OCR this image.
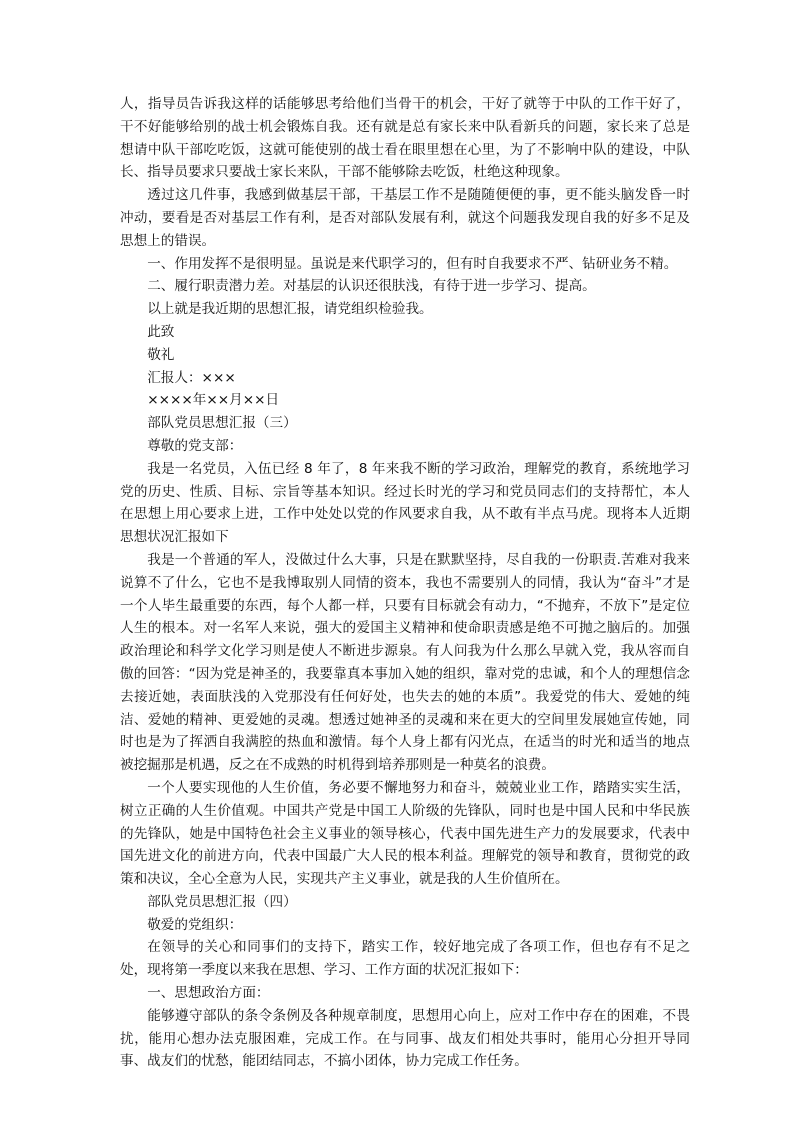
人，指导员告诉我这样的话能够思考给他们当骨干的机会，干好了就等于中队的工作干好了，干不好能够给别的战士机会锻炼自我。还有就是总有家长来中队看新兵的问题，家长来了总是想请中队干部吃吃饭，这就可能使别的战士看在眼里想在心里，为了不影响中队的建设，中队长、指导员要求只要战士家长来队，干部不能够除去吃饭，杜绝这种现象。

透过这几件事，我感到做基层干部，干基层工作不是随随便便的事，更不能头脑发昏一时冲动，要看是否对基层工作有利，是否对部队发展有利，就这个问题我发现自我的好多不足及思想上的错误。

一、作用发挥不是很明显。虽说是来代职学习的，但有时自我要求不严、钻研业务不精。

二、履行职责潜力差。对基层的认识还很肤浅，有待于进一步学习、提高。

以上就是我近期的思想汇报，请党组织检验我。

此致

敬礼

汇报人：×××

××××年××月××日

部队党员思想汇报（三）

尊敬的党支部：

我是一名党员，入伍已经 8 年了，8 年来我不断的学习政治，理解党的教育，系统地学习党的历史、性质、目标、宗旨等基本知识。经过长时光的学习和党员同志们的支持帮忙，本人在思想上用心要求上进，工作中处处以党的作风要求自我，从不敢有半点马虎。现将本人近期思想状况汇报如下

我是一个普通的军人，没做过什么大事，只是在默默坚持，尽自我的一份职责.苦难对我来说算不了什么，它也不是我博取别人同情的资本，我也不需要别人的同情，我认为“奋斗”才是一个人毕生最重要的东西，每个人都一样，只要有目标就会有动力，“不抛弃，不放下”是定位人生的根本。对一名军人来说，强大的爱国主义精神和使命职责感是绝不可抛之脑后的。加强政治理论和科学文化学习则是使人不断进步源泉。有人问我为什么那么早就入党，我从容而自傲的回答：“因为党是神圣的，我要靠真本事加入她的组织，靠对党的忠诚，和个人的理想信念去接近她，表面肤浅的入党那没有任何好处，也失去的她的本质”。我爱党的伟大、爱她的纯洁、爱她的精神、更爱她的灵魂。想透过她神圣的灵魂和来在更大的空间里发展她宣传她，同时也是为了挥洒自我满腔的热血和激情。每个人身上都有闪光点，在适当的时光和适当的地点被挖掘那是机遇，反之在不成熟的时机得到培养那则是一种莫名的浪费。

一个人要实现他的人生价值，务必要不懈地努力和奋斗，兢兢业业工作，踏踏实实生活，树立正确的人生价值观。中国共产党是中国工人阶级的先锋队，同时也是中国人民和中华民族的先锋队，她是中国特色社会主义事业的领导核心，代表中国先进生产力的发展要求，代表中国先进文化的前进方向，代表中国最广大人民的根本利益。理解党的领导和教育，贯彻党的政策和决议，全心全意为人民，实现共产主义事业，就是我的人生价值所在。

部队党员思想汇报（四）

敬爱的党组织：

在领导的关心和同事们的支持下，踏实工作，较好地完成了各项工作，但也存有不足之处，现将第一季度以来我在思想、学习、工作方面的状况汇报如下：

一、思想政治方面：

能够遵守部队的条令条例及各种规章制度，思想用心向上，应对工作中存在的困难，不畏扰，能用心想办法克服困难，完成工作。在与同事、战友们相处共事时，能用心分担开导同事、战友们的忧愁，能团结同志，不搞小团体，协力完成工作任务。
